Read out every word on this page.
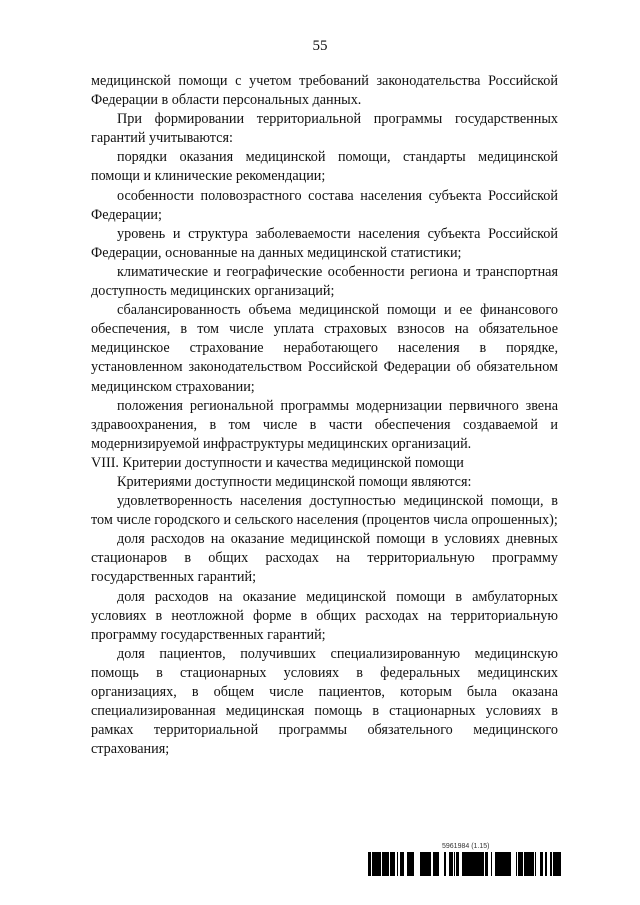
55

медицинской помощи с учетом требований законодательства Российской Федерации в области персональных данных.

При формировании территориальной программы государственных гарантий учитываются:

порядки оказания медицинской помощи, стандарты медицинской помощи и клинические рекомендации;

особенности половозрастного состава населения субъекта Российской Федерации;

уровень и структура заболеваемости населения субъекта Российской Федерации, основанные на данных медицинской статистики;

климатические и географические особенности региона и транспортная доступность медицинских организаций;

сбалансированность объема медицинской помощи и ее финансового обеспечения, в том числе уплата страховых взносов на обязательное медицинское страхование неработающего населения в порядке, установленном законодательством Российской Федерации об обязательном медицинском страховании;

положения региональной программы модернизации первичного звена здравоохранения, в том числе в части обеспечения создаваемой и модернизируемой инфраструктуры медицинских организаций.

VIII. Критерии доступности и качества медицинской помощи

Критериями доступности медицинской помощи являются:

удовлетворенность населения доступностью медицинской помощи, в том числе городского и сельского населения (процентов числа опрошенных);

доля расходов на оказание медицинской помощи в условиях дневных стационаров в общих расходах на территориальную программу государственных гарантий;

доля расходов на оказание медицинской помощи в амбулаторных условиях в неотложной форме в общих расходах на территориальную программу государственных гарантий;

доля пациентов, получивших специализированную медицинскую помощь в стационарных условиях в федеральных медицинских организациях, в общем числе пациентов, которым была оказана специализированная медицинская помощь в стационарных условиях в рамках территориальной программы обязательного медицинского страхования;

5961984 (1.15)
